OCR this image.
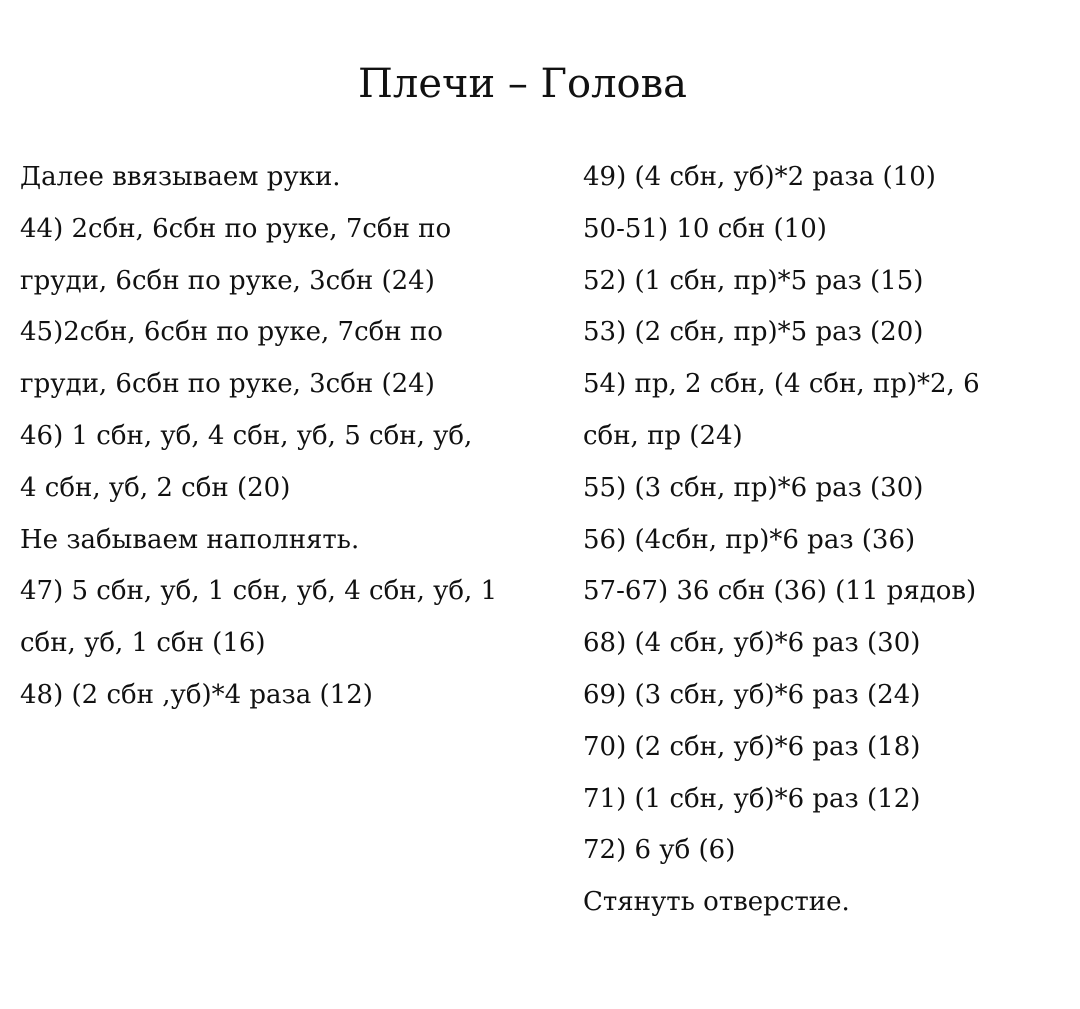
Плечи – Голова
Далее ввязываем руки.
44) 2сбн, 6сбн по руке, 7сбн по
груди, 6сбн по руке, 3сбн (24)
45)2сбн, 6сбн по руке, 7сбн по
груди, 6сбн по руке, 3сбн (24)
46) 1 сбн, уб, 4 сбн, уб, 5 сбн, уб,
4 сбн, уб, 2 сбн (20)
Не забываем наполнять.
47) 5 сбн, уб, 1 сбн, уб, 4 сбн, уб, 1
сбн, уб, 1 сбн (16)
48) (2 сбн ,уб)*4 раза (12)
49) (4 сбн, уб)*2 раза (10)
50-51) 10 сбн (10)
52) (1 сбн, пр)*5 раз (15)
53) (2 сбн, пр)*5 раз (20)
54) пр, 2 сбн, (4 сбн, пр)*2, 6
сбн, пр (24)
55) (3 сбн, пр)*6 раз (30)
56) (4сбн, пр)*6 раз (36)
57-67) 36 сбн (36) (11 рядов)
68) (4 сбн, уб)*6 раз (30)
69) (3 сбн, уб)*6 раз (24)
70) (2 сбн, уб)*6 раз (18)
71) (1 сбн, уб)*6 раз (12)
72) 6 уб (6)
Стянуть отверстие.
